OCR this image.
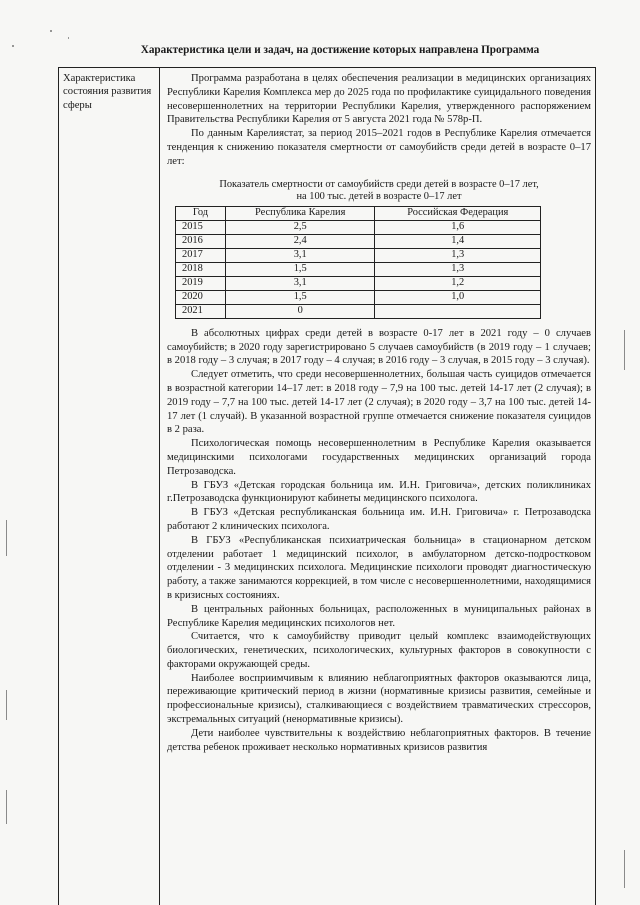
Характеристика цели и задач, на достижение которых направлена Программа
Характеристика состояния развития сферы

Программа разработана в целях обеспечения реализации в медицинских организациях Республики Карелия Комплекса мер до 2025 года по профилактике суицидального поведения несовершеннолетних на территории Республики Карелия, утвержденного распоряжением Правительства Республики Карелия от 5 августа 2021 года № 578р-П.

По данным Карелиястат, за период 2015–2021 годов в Республике Карелия отмечается тенденция к снижению показателя смертности от самоубийств среди детей в возрасте 0–17 лет:

Показатель смертности от самоубийств среди детей в возрасте 0–17 лет,
на 100 тыс. детей в возрасте 0–17 лет
Год	Республика Карелия	Российская Федерация
2015	2,5	1,6
2016	2,4	1,4
2017	3,1	1,3
2018	1,5	1,3
2019	3,1	1,2
2020	1,5	1,0
2021	0	

В абсолютных цифрах среди детей в возрасте 0-17 лет в 2021 году – 0 случаев самоубийств; в 2020 году зарегистрировано 5 случаев самоубийств (в 2019 году – 1 случаев; в 2018 году – 3 случая; в 2017 году – 4 случая; в 2016 году – 3 случая, в 2015 году – 3 случая).

Следует отметить, что среди несовершеннолетних, большая часть суицидов отмечается в возрастной категории 14–17 лет: в 2018 году – 7,9 на 100 тыс. детей 14-17 лет (2 случая); в 2019 году – 7,7 на 100 тыс. детей 14-17 лет (2 случая); в 2020 году – 3,7 на 100 тыс. детей 14-17 лет (1 случай). В указанной возрастной группе отмечается снижение показателя суицидов в 2 раза.

Психологическая помощь несовершеннолетним в Республике Карелия оказывается медицинскими психологами государственных медицинских организаций города Петрозаводска.

В ГБУЗ «Детская городская больница им. И.Н. Григовича», детских поликлиниках г.Петрозаводска функционируют кабинеты медицинского психолога.

В ГБУЗ «Детская республиканская больница им. И.Н. Григовича» г. Петрозаводска работают 2 клинических психолога.

В ГБУЗ «Республиканская психиатрическая больница» в стационарном детском отделении работает 1 медицинский психолог, в амбулаторном детско-подростковом отделении - 3 медицинских психолога. Медицинские психологи проводят диагностическую работу, а также занимаются коррекцией, в том числе с несовершеннолетними, находящимися в кризисных состояниях.

В центральных районных больницах, расположенных в муниципальных районах в Республике Карелия медицинских психологов нет.

Считается, что к самоубийству приводит целый комплекс взаимодействующих биологических, генетических, психологических, культурных факторов в совокупности с факторами окружающей среды.

Наиболее восприимчивым к влиянию неблагоприятных факторов оказываются лица, переживающие критический период в жизни (нормативные кризисы развития, семейные и профессиональные кризисы), сталкивающиеся с воздействием травматических стрессоров, экстремальных ситуаций (ненормативные кризисы).

Дети наиболее чувствительны к воздействию неблагоприятных факторов. В течение детства ребенок проживает несколько нормативных кризисов развития
